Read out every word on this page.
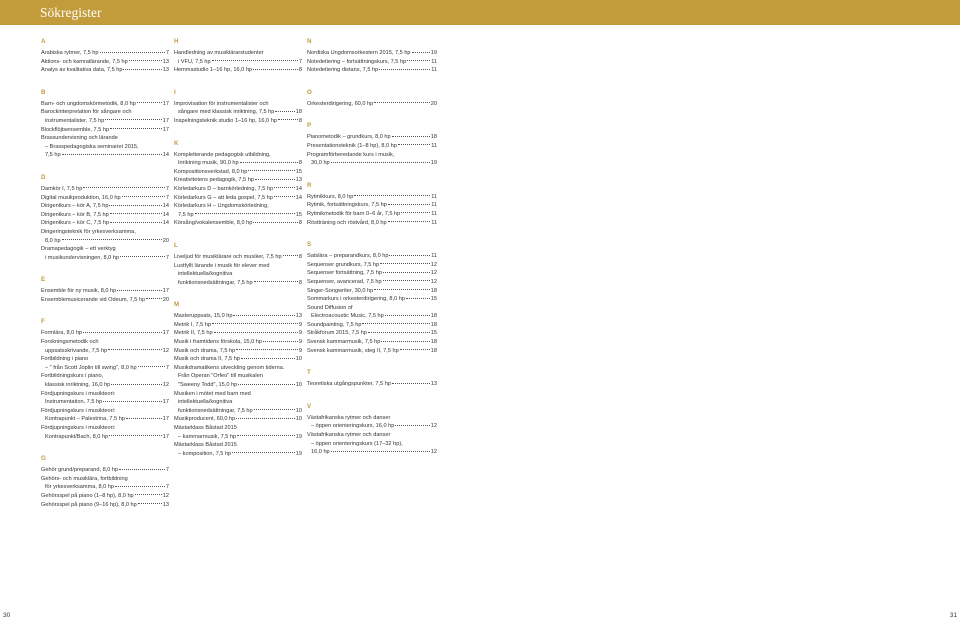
Sökregister
A
Arabiska rytmer, 7,5 hp	7
Aktions- och kamratlärande, 7,5 hp	13
Analys av kvalitativa data, 7,5 hp	13
B
Barn- och ungdomskörmetodik, 8,0 hp	17
Barockinterpretation för sångare och
instrumentalister, 7,5 hp	17
Blockflöjtsensemble, 7,5 hp	17
Brassundervisning och lärande
– Brasspedagogiska seminariet 2015,
7,5 hp	14
D
Damkör I, 7,5 hp	7
Digital musikproduktion, 16,0 hp	7
Dirigentkurs – kör A, 7,5 hp	14
Dirigentkurs – kör B, 7,5 hp	14
Dirigentkurs – kör C, 7,5 hp	14
Dirigeringsteknik för yrkesverksamma,
8,0 hp	20
Dramapedagogik – ett verktyg
i musikundervisningen, 8,0 hp	7
E
Ensemble för ny musik, 8,0 hp	17
Ensemblemusicerande vid Odeum, 7,5 hp	20
F
Formlära, 8,0 hp	17
Forskningsmetodik och
uppsatsskrivande, 7,5 hp	12
Fortbildning i piano
– " från Scott Joplin till swing", 8,0 hp	7
Fortbildningskurs i piano,
klassisk inriktning, 16,0 hp	12
Fördjupningskurs i musikteori:
Instrumentation, 7,5 hp	17
Fördjupningskurs i musikteori:
Kontrapunkt – Palestrina, 7,5 hp	17
Fördjupningskurs i musikteori:
Kontrapunkt/Bach, 8,0 hp	17
G
Gehör grund/preparand, 8,0 hp	7
Gehörs- och musiklära, fortbildning
för yrkesverksamma, 8,0 hp	7
Gehörsspel på piano (1–8 hp), 8,0 hp	12
Gehörsspel på piano (9–16 hp), 8,0 hp	13
H
Handledning av musiklärarstudenter
i VFU, 7,5 hp	7
Hemmastudio 1–16 hp, 16,0 hp	8
I
Improvisation för instrumentalister och
sångare med klassisk inriktning, 7,5 hp	18
Inspelningsteknik studio 1–16 hp, 16,0 hp	8
K
Kompletterande pedagogisk utbildning,
Inriktning musik, 90,0 hp	8
Kompositionsverkstad, 8,0 hp	15
Kreativitetens pedagogik, 7,5 hp	13
Körledarkurs D – barnkörledning, 7,5 hp	14
Körledarkurs G – att leda gospel, 7,5 hp	14
Körledarkurs H – Ungdomskörledning,
7,5 hp	15
Körsång/vokalensemble, 8,0 hp	8
L
Liveljud för musiklärare och musiker, 7,5 hp	8
Lustfyllt lärande i musik för elever med
intellektuella/kognitiva
funktionsnedsättningar, 7,5 hp	8
M
Masteruppsats, 15,0 hp	13
Metrik I, 7,5 hp	9
Metrik II, 7,5 hp	9
Musik i framtidens förskola, 15,0 hp	9
Musik och drama, 7,5 hp	9
Musik och drama II, 7,5 hp	10
Musikdramatikens utveckling genom tiderna.
Från Operan "Orfeo" till musikalen
"Sweeny Todd", 15,0 hp	10
Musiken i mötet med barn med
intellektuella/kognitiva
funktionsnedsättningar, 7,5 hp	10
Musikproducent, 60,0 hp	10
Mästarklass Båstad 2015
– kammarmusik, 7,5 hp	19
Mästarklass Båstad 2015
– komposition, 7,5 hp	19
N
Nordiska Ungdomsorkestern 2015, 7,5 hp	19
Notedetiering – fortsättningskurs, 7,5 hp	11
Notedetiering distans, 7,5 hp	11
O
Orkesterdirigering, 60,0 hp	20
P
Pianometodik – grundkurs, 8,0 hp	18
Presentationsteknik (1–8 hp), 8,0 hp	11
Programförberedande kurs i musik,
30,0 hp	19
R
Rytmikkurs, 8,0 hp	11
Rytmik, fortsättningskurs, 7,5 hp	11
Rytmikmetodik för barn 0–6 år, 7,5 hp	11
Röstträning och röstvård, 8,0 hp	11
S
Satslära – preparandkurs, 8,0 hp	11
Sequenser grundkurs, 7,5 hp	12
Sequenser fortsättning, 7,5 hp	12
Sequenser, avancerad, 7,5 hp	12
Singer-Songwriter, 30,0 hp	18
Sommarkurs i orkesterdirigering, 8,0 hp	15
Sound Diffusion of
Electroacoustic Music, 7,5 hp	18
Soundpainting, 7,5 hp	18
Stråkforum 2015, 7,5 hp	15
Svensk kammarmusik, 7,5 hp	18
Svensk kammarmusik, steg II, 7,5 hp	18
T
Teoretiska utgångspunkter, 7,5 hp	13
V
Västafrikanska rytmer och danser
– öppen orienteringskurs, 16,0 hp	12
Västafrikanska rytmer och danser
– öppen orienteringskurs (17–32 hp),
16,0 hp	12
30	31
